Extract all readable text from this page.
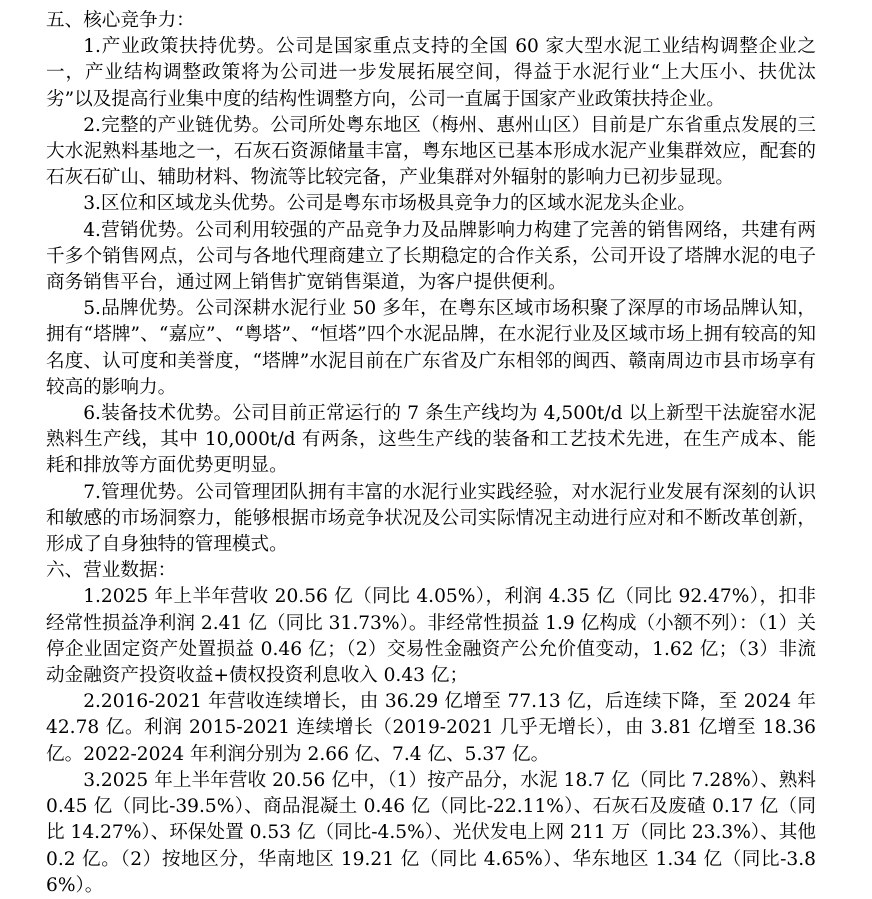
五、核心竞争力：

1.产业政策扶持优势。公司是国家重点支持的全国 60 家大型水泥工业结构调整企业之一，产业结构调整政策将为公司进一步发展拓展空间，得益于水泥行业“上大压小、扶优汰劣”以及提高行业集中度的结构性调整方向，公司一直属于国家产业政策扶持企业。

2.完整的产业链优势。公司所处粤东地区（梅州、惠州山区）目前是广东省重点发展的三大水泥熟料基地之一，石灰石资源储量丰富，粤东地区已基本形成水泥产业集群效应，配套的石灰石矿山、辅助材料、物流等比较完备，产业集群对外辐射的影响力已初步显现。

3.区位和区域龙头优势。公司是粤东市场极具竞争力的区域水泥龙头企业。

4.营销优势。公司利用较强的产品竞争力及品牌影响力构建了完善的销售网络，共建有两千多个销售网点，公司与各地代理商建立了长期稳定的合作关系，公司开设了塔牌水泥的电子商务销售平台，通过网上销售扩宽销售渠道，为客户提供便利。

5.品牌优势。公司深耕水泥行业 50 多年，在粤东区域市场积聚了深厚的市场品牌认知，拥有“塔牌”、“嘉应”、“粤塔”、“恒塔”四个水泥品牌，在水泥行业及区域市场上拥有较高的知名度、认可度和美誉度，“塔牌”水泥目前在广东省及广东相邻的闽西、赣南周边市县市场享有较高的影响力。

6.装备技术优势。公司目前正常运行的 7 条生产线均为 4,500t/d 以上新型干法旋窑水泥熟料生产线，其中 10,000t/d 有两条，这些生产线的装备和工艺技术先进，在生产成本、能耗和排放等方面优势更明显。

7.管理优势。公司管理团队拥有丰富的水泥行业实践经验，对水泥行业发展有深刻的认识和敏感的市场洞察力，能够根据市场竞争状况及公司实际情况主动进行应对和不断改革创新，形成了自身独特的管理模式。

六、营业数据：

1.2025 年上半年营收 20.56 亿（同比 4.05%），利润 4.35 亿（同比 92.47%），扣非经常性损益净利润 2.41 亿（同比 31.73%）。非经常性损益 1.9 亿构成（小额不列）：（1）关停企业固定资产处置损益 0.46 亿；（2）交易性金融资产公允价值变动，1.62 亿；（3）非流动金融资产投资收益+债权投资利息收入 0.43 亿；

2.2016-2021 年营收连续增长，由 36.29 亿增至 77.13 亿，后连续下降，至 2024 年 42.78 亿。利润 2015-2021 连续增长（2019-2021 几乎无增长），由 3.81 亿增至 18.36 亿。2022-2024 年利润分别为 2.66 亿、7.4 亿、5.37 亿。

3.2025 年上半年营收 20.56 亿中，（1）按产品分，水泥 18.7 亿（同比 7.28%）、熟料 0.45 亿（同比-39.5%）、商品混凝土 0.46 亿（同比-22.11%）、石灰石及废碴 0.17 亿（同比 14.27%）、环保处置 0.53 亿（同比-4.5%）、光伏发电上网 211 万（同比 23.3%）、其他 0.2 亿。（2）按地区分，华南地区 19.21 亿（同比 4.65%）、华东地区 1.34 亿（同比-3.86%）。
